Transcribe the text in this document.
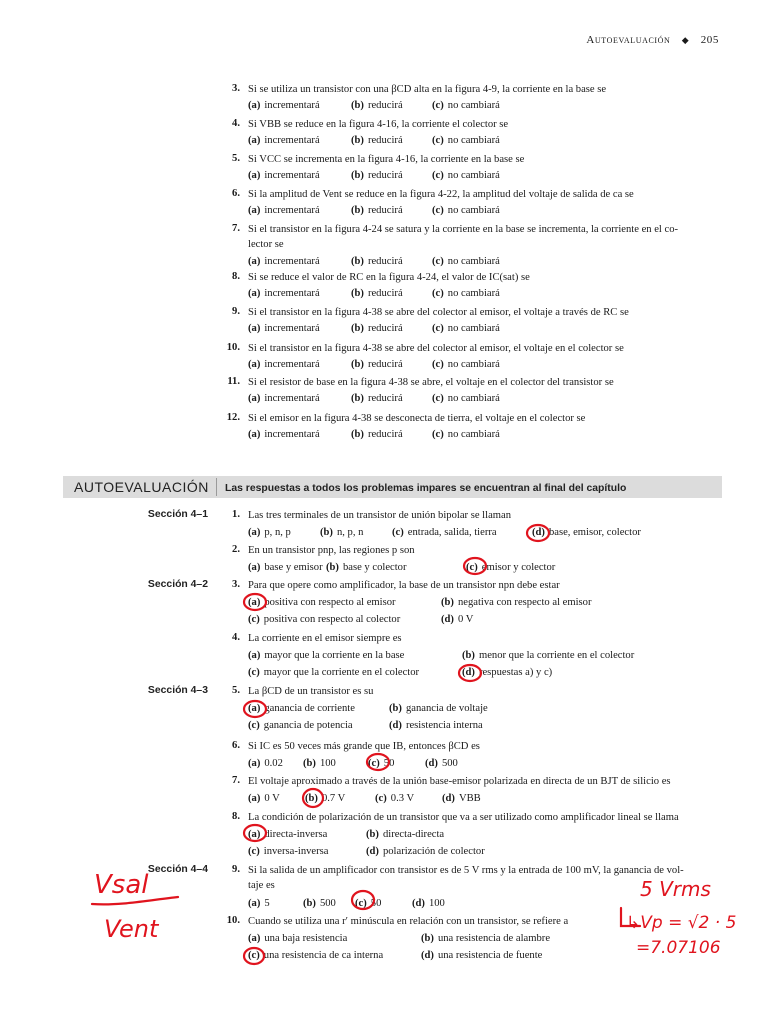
Autoevaluación ◆ 205
3. Si se utiliza un transistor con una βCD alta en la figura 4-9, la corriente en la base se
(a) incrementará	(b) reducirá	(c) no cambiará
4. Si VBB se reduce en la figura 4-16, la corriente el colector se
(a) incrementará	(b) reducirá	(c) no cambiará
5. Si VCC se incrementa en la figura 4-16, la corriente en la base se
(a) incrementará	(b) reducirá	(c) no cambiará
6. Si la amplitud de Vent se reduce en la figura 4-22, la amplitud del voltaje de salida de ca se
(a) incrementará	(b) reducirá	(c) no cambiará
7. Si el transistor en la figura 4-24 se satura y la corriente en la base se incrementa, la corriente en el co-
lector se
(a) incrementará	(b) reducirá	(c) no cambiará
8. Si se reduce el valor de RC en la figura 4-24, el valor de IC(sat) se
(a) incrementará	(b) reducirá	(c) no cambiará
9. Si el transistor en la figura 4-38 se abre del colector al emisor, el voltaje a través de RC se
(a) incrementará	(b) reducirá	(c) no cambiará
10. Si el transistor en la figura 4-38 se abre del colector al emisor, el voltaje en el colector se
(a) incrementará	(b) reducirá	(c) no cambiará
11. Si el resistor de base en la figura 4-38 se abre, el voltaje en el colector del transistor se
(a) incrementará	(b) reducirá	(c) no cambiará
12. Si el emisor en la figura 4-38 se desconecta de tierra, el voltaje en el colector se
(a) incrementará	(b) reducirá	(c) no cambiará
AUTOEVALUACIÓN Las respuestas a todos los problemas impares se encuentran al final del capítulo
Sección 4–1
Sección 4–2
Sección 4–3
Sección 4–4
1. Las tres terminales de un transistor de unión bipolar se llaman
(a) p, n, p	(b) n, p, n	(c) entrada, salida, tierra	(d) base, emisor, colector
2. En un transistor pnp, las regiones p son
(a) base y emisor (b) base y colector	(c) emisor y colector
3. Para que opere como amplificador, la base de un transistor npn debe estar
(a) positiva con respecto al emisor	(b) negativa con respecto al emisor
(c) positiva con respecto al colector	(d) 0 V
4. La corriente en el emisor siempre es
(a) mayor que la corriente en la base	(b) menor que la corriente en el colector
(c) mayor que la corriente en el colector	(d) respuestas a) y c)
5. La βCD de un transistor es su
(a) ganancia de corriente	(b) ganancia de voltaje
(c) ganancia de potencia	(d) resistencia interna
6. Si IC es 50 veces más grande que IB, entonces βCD es
(a) 0.02 (b) 100	(c) 50	(d) 500
7. El voltaje aproximado a través de la unión base-emisor polarizada en directa de un BJT de silicio es
(a) 0 V (b) 0.7 V	(c) 0.3 V	(d) VBB
8. La condición de polarización de un transistor que va a ser utilizado como amplificador lineal se llama
(a) directa-inversa	(b) directa-directa
(c) inversa-inversa	(d) polarización de colector
9. Si la salida de un amplificador con transistor es de 5 V rms y la entrada de 100 mV, la ganancia de vol-
taje es
(a) 5	(b) 500 (c) 50	(d) 100
10. Cuando se utiliza una r′ minúscula en relación con un transistor, se refiere a
(a) una baja resistencia	(b) una resistencia de alambre
(c) una resistencia de ca interna	(d) una resistencia de fuente
Vsal
Vent
5 Vrms
↳Vp = √2 · 5
=7.07106
